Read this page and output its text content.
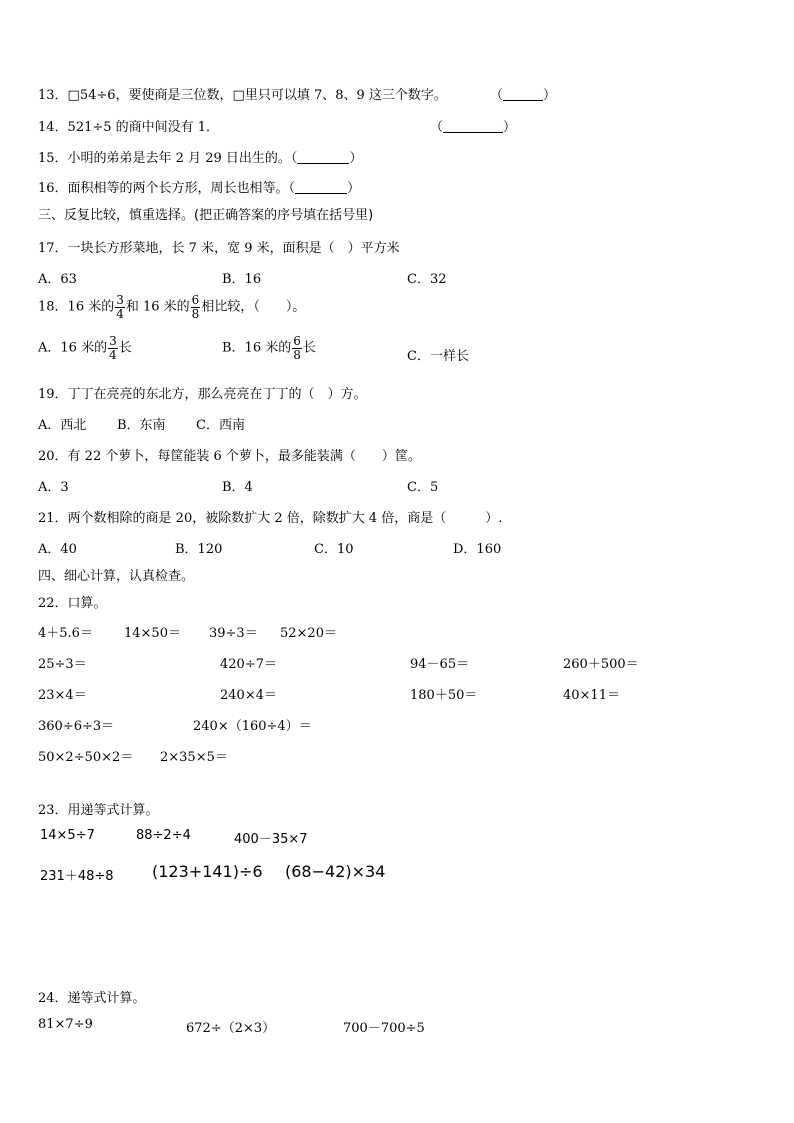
13．□54÷6，要使商是三位数，□里只可以填 7、8、9 这三个数字。	（	）
14．521÷5 的商中间没有 1．	（	）
15．小明的弟弟是去年 2 月 29 日出生的。（	）
16．面积相等的两个长方形，周长也相等。（	）
三、反复比较，慎重选择。(把正确答案的序号填在括号里)
17．一块长方形菜地，长 7 米，宽 9 米，面积是（　）平方米
A．63	B．16	C．32
18．16 米的 $\frac{3}{4}$ 和 16 米的 $\frac{6}{8}$ 相比较，（　　）。
A．16 米的 $\frac{3}{4}$ 长	B．16 米的 $\frac{6}{8}$ 长
C．一样长
19．丁丁在亮亮的东北方，那么亮亮在丁丁的（　）方。
A．西北 B．东南 C．西南
20．有 22 个萝卜，每筐能装 6 个萝卜，最多能装满（　　）筐。
A．3	B．4	C．5
21．两个数相除的商是 20，被除数扩大 2 倍，除数扩大 4 倍，商是（　　　）.
A．40	B．120	C．10	D．160
四、细心计算，认真检查。
22．口算。
4＋5.6＝ 14×50＝ 39÷3＝ 52×20＝
25÷3＝	420÷7＝	94－65＝	260＋500＝
23×4＝	240×4＝	180＋50＝	40×11＝
360÷6÷3＝	240×（160÷4）＝
50×2÷50×2＝ 2×35×5＝
23．用递等式计算。
14×5÷7	88÷2÷4	400－35×7
231＋48÷8 (123+141)÷6 (68−42)×34
24．递等式计算。
81×7÷9	672÷（2×3）	700－700÷5
